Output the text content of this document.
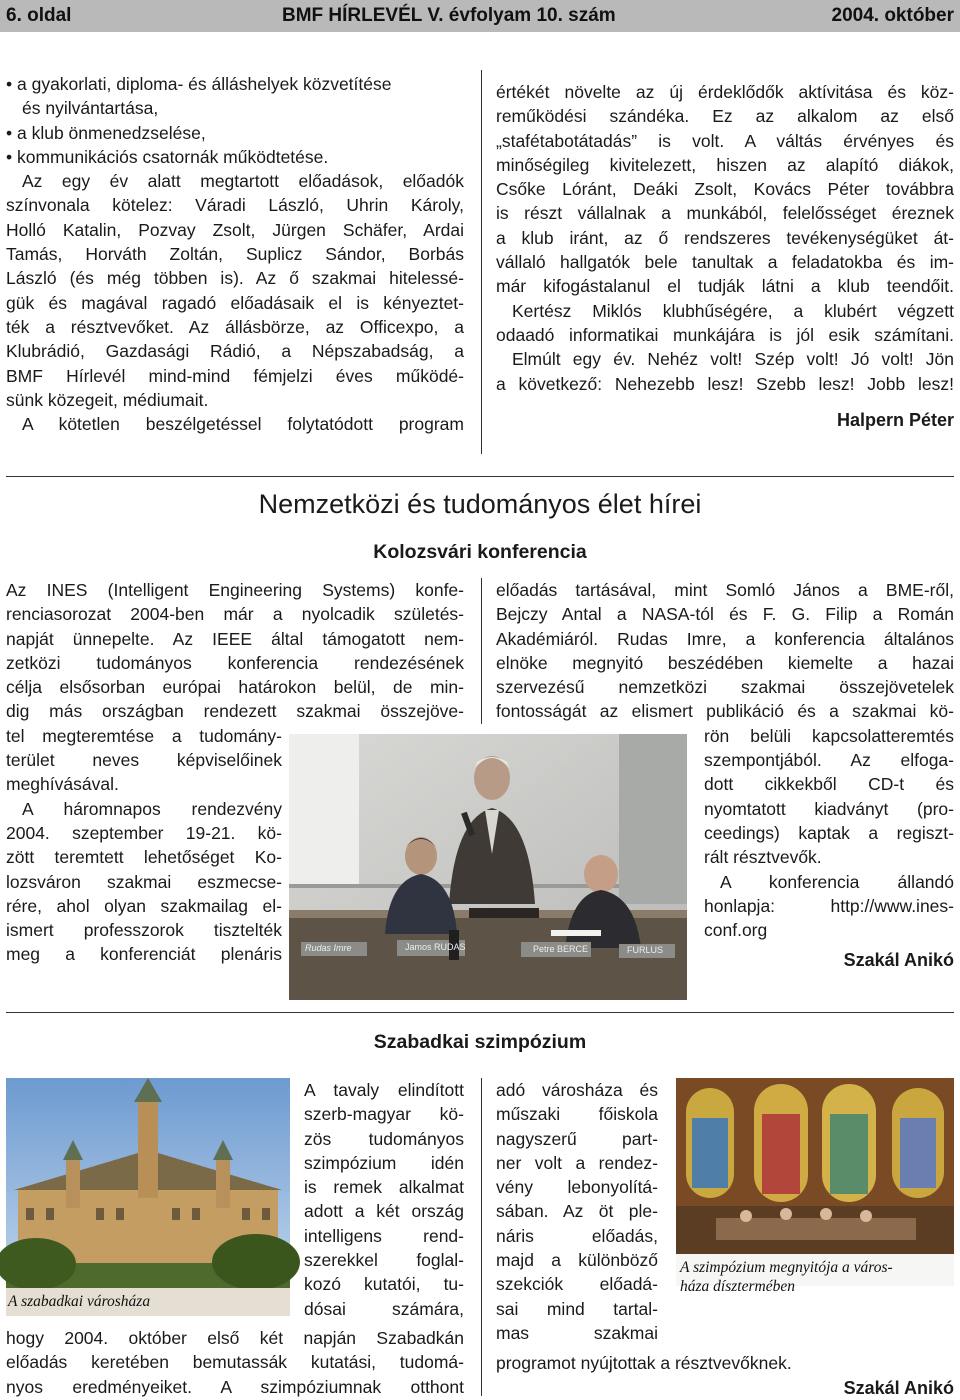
6. oldal	BMF HÍRLEVÉL V. évfolyam 10. szám	2004. október

• a gyakorlati, diploma- és álláshelyek közvetítése

és nyilvántartása,

• a klub önmenedzselése,

• kommunikációs csatornák működtetése.

Az egy év alatt megtartott előadások, előadók

színvonala kötelez: Váradi László, Uhrin Károly,

Holló Katalin, Pozvay Zsolt, Jürgen Schäfer, Ardai

Tamás, Horváth Zoltán, Suplicz Sándor, Borbás

László (és még többen is). Az ő szakmai hitelessé-

gük és magával ragadó előadásaik el is kényeztet-

ték a résztvevőket. Az állásbörze, az Officexpo, a

Klubrádió, Gazdasági Rádió, a Népszabadság, a

BMF Hírlevél mind-mind fémjelzi éves működé-

sünk közegeit, médiumait.

A kötetlen beszélgetéssel folytatódott program

értékét növelte az új érdeklődők aktívitása és köz-

reműködési szándéka. Ez az alkalom az első

„stafétabotátadás” is volt. A váltás érvényes és

minőségileg kivitelezett, hiszen az alapító diákok,

Csőke Lóránt, Deáki Zsolt, Kovács Péter továbbra

is részt vállalnak a munkából, felelősséget éreznek

a klub iránt, az ő rendszeres tevékenységüket át-

vállaló hallgatók bele tanultak a feladatokba és im-

már kifogástalanul el tudják látni a klub teendőit.

Kertész Miklós klubhűségére, a klubért végzett

odaadó informatikai munkájára is jól esik számítani.

Elmúlt egy év. Nehéz volt! Szép volt! Jó volt! Jön

a következő: Nehezebb lesz! Szebb lesz! Jobb lesz!

Halpern Péter

Nemzetközi és tudományos élet hírei
Kolozsvári konferencia

Az INES (Intelligent Engineering Systems) konfe-

renciasorozat 2004-ben már a nyolcadik születés-

napját ünnepelte. Az IEEE által támogatott nem-

zetközi tudományos konferencia rendezésének

célja elsősorban európai határokon belül, de min-

dig más országban rendezett szakmai összejöve-

tel megteremtése a tudomány-

terület neves képviselőinek

meghívásával.

A háromnapos rendezvény

2004. szeptember 19-21. kö-

zött teremtett lehetőséget Ko-

lozsváron szakmai eszmecse-

rére, ahol olyan szakmailag el-

ismert professzorok tisztelték

meg a konferenciát plenáris

előadás tartásával, mint Somló János a BME-ről,

Bejczy Antal a NASA-tól és F. G. Filip a Román

Akadémiáról. Rudas Imre, a konferencia általános

elnöke megnyitó beszédében kiemelte a hazai

szervezésű nemzetközi szakmai összejövetelek

fontosságát az elismert publikáció és a szakmai kö-

rön belüli kapcsolatteremtés

szempontjából. Az elfoga-

dott cikkekből CD-t és

nyomtatott kiadványt (pro-

ceedings) kaptak a regiszt-

rált résztvevők.

A konferencia állandó

honlapja: http://www.ines-

conf.org

Szakál Anikó

Rudas Imre	Jamos RUDAS	Petre BERCE	FURLUS
Szabadkai szimpózium
A szabadkai városháza

A tavaly elindított

szerb-magyar kö-

zös tudományos

szimpózium idén

is remek alkalmat

adott a két ország

intelligens rend-

szerekkel foglal-

kozó kutatói, tu-

dósai számára,

hogy 2004. október első két napján Szabadkán

előadás keretében bemutassák kutatási, tudomá-

nyos eredményeiket. A szimpóziumnak otthont

adó városháza és

műszaki főiskola

nagyszerű part-

ner volt a rendez-

vény lebonyolítá-

sában. Az öt ple-

náris előadás,

majd a különböző

szekciók előadá-

sai mind tartal-

mas szakmai

programot nyújtottak a résztvevőknek.

Szakál Anikó

A szimpózium megnyitója a város-
háza dísztermében
